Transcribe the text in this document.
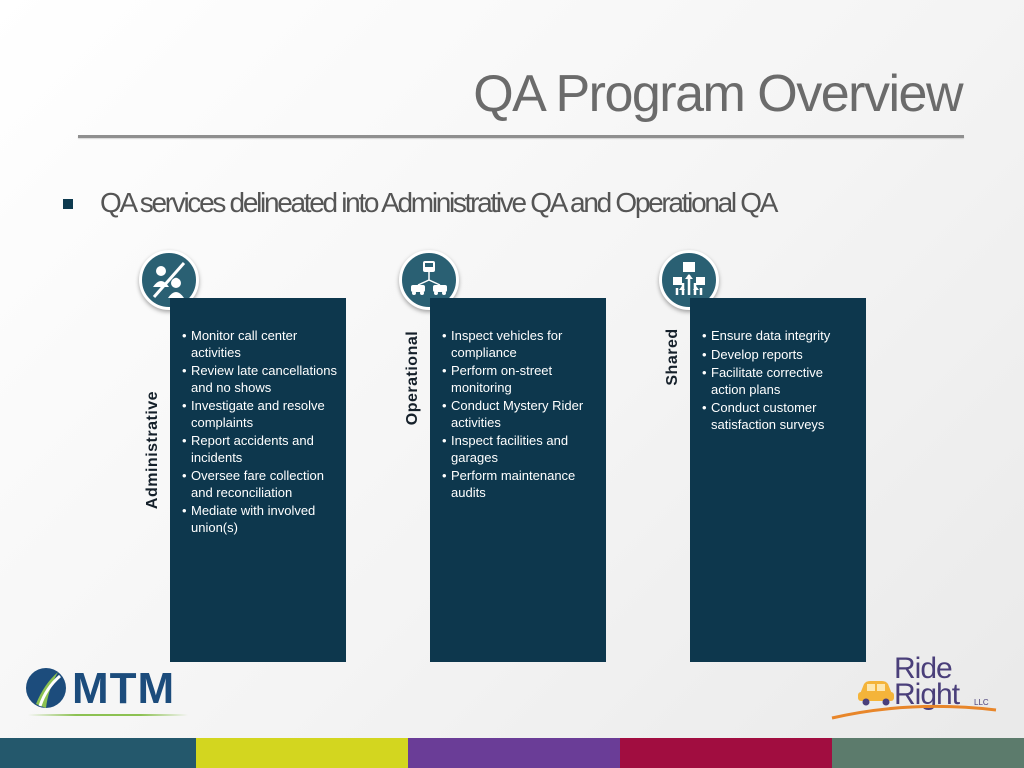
QA Program Overview
QA services delineated into Administrative QA and Operational QA
Administrative
• Monitor call center activities
• Review late cancellations and no shows
• Investigate and resolve complaints
• Report accidents and incidents
• Oversee fare collection and reconciliation
• Mediate with involved union(s)
Operational	• Inspect vehicles for compliance
• Perform on-street monitoring
• Conduct Mystery Rider activities
• Inspect facilities and garages
• Perform maintenance audits
Shared	• Ensure data integrity
• Develop reports
• Facilitate corrective action plans
• Conduct customer satisfaction surveys
MTM	Ride
Right LLC
